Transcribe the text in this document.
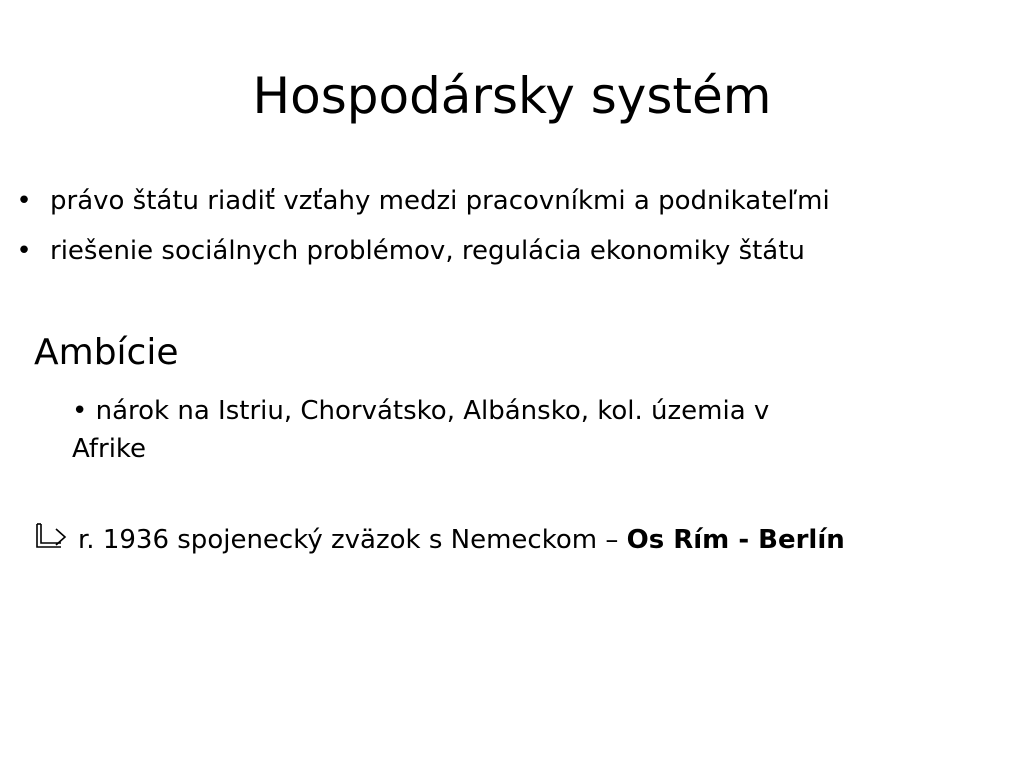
Hospodársky systém
• právo štátu riadiť vzťahy medzi pracovníkmi a podnikateľmi
• riešenie sociálnych problémov, regulácia ekonomiky štátu
Ambície
• nárok na Istriu, Chorvátsko, Albánsko, kol. územia v Afrike
r. 1936 spojenecký zväzok s Nemeckom – Os Rím - Berlín
